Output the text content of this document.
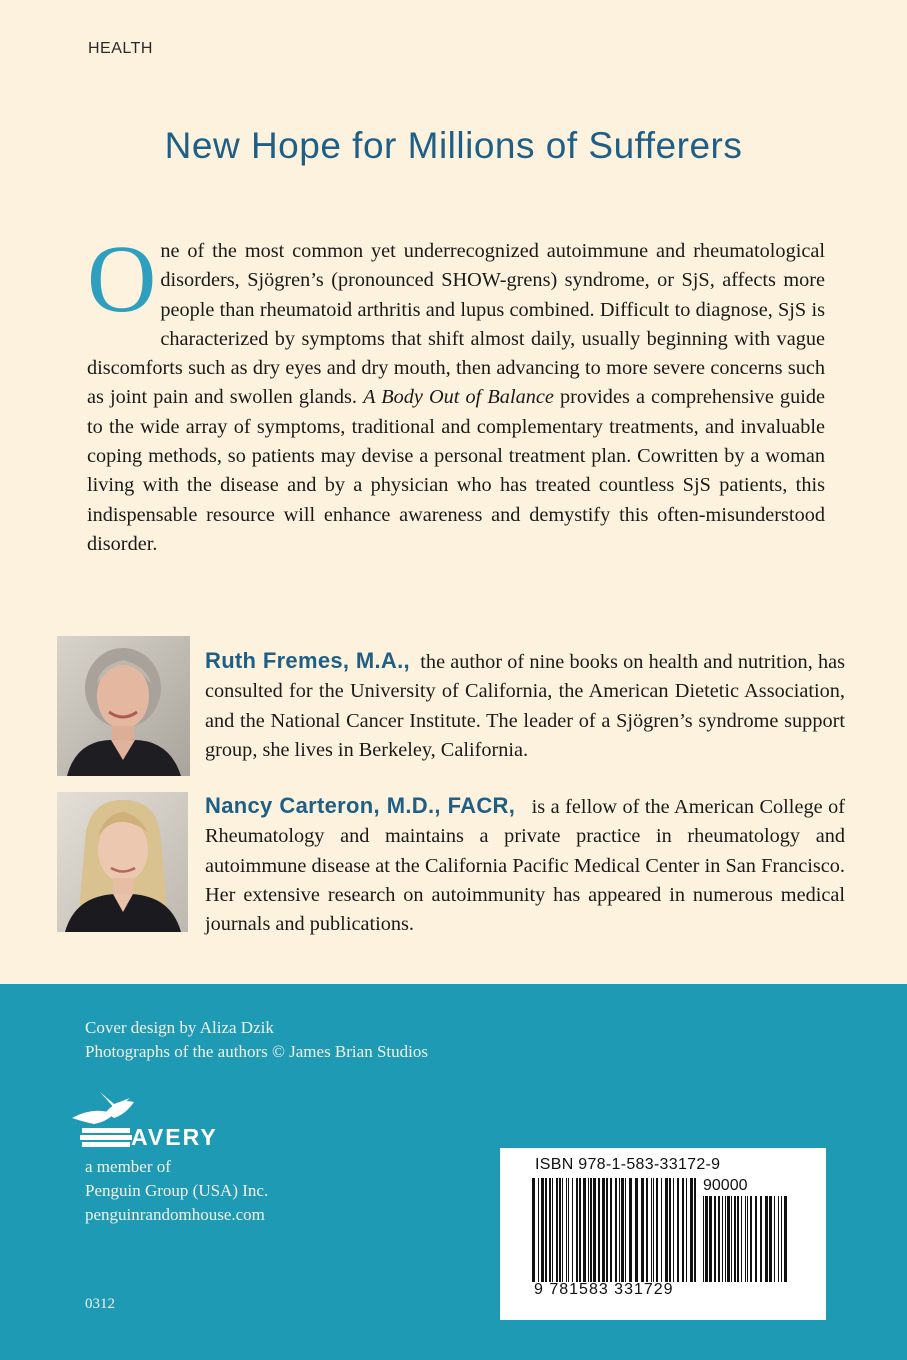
HEALTH
New Hope for Millions of Sufferers

One of the most common yet underrecognized autoimmune and rheumatological disorders, Sjögren’s (pronounced SHOW-grens) syndrome, or SjS, affects more people than rheumatoid arthritis and lupus combined. Difficult to diagnose, SjS is characterized by symptoms that shift almost daily, usually beginning with vague discomforts such as dry eyes and dry mouth, then advancing to more severe concerns such as joint pain and swollen glands. A Body Out of Balance provides a comprehensive guide to the wide array of symptoms, traditional and complementary treatments, and invaluable coping methods, so patients may devise a personal treatment plan. Cowritten by a woman living with the disease and by a physician who has treated countless SjS patients, this indispensable resource will enhance awareness and demystify this often-misunderstood disorder.

Ruth Fremes, M.A., the author of nine books on health and nutrition, has consulted for the University of California, the American Dietetic Association, and the National Cancer Institute. The leader of a Sjögren’s syndrome support group, she lives in Berkeley, California.

Nancy Carteron, M.D., FACR, is a fellow of the American College of Rheumatology and maintains a private practice in rheumatology and autoimmune disease at the California Pacific Medical Center in San Francisco. Her extensive research on autoimmunity has appeared in numerous medical journals and publications.

Cover design by Aliza Dzik
Photographs of the authors © James Brian Studios
AVERY
a member of
Penguin Group (USA) Inc.
penguinrandomhouse.com
0312
ISBN 978-1-583-33172-9
90000
9 781583 331729
